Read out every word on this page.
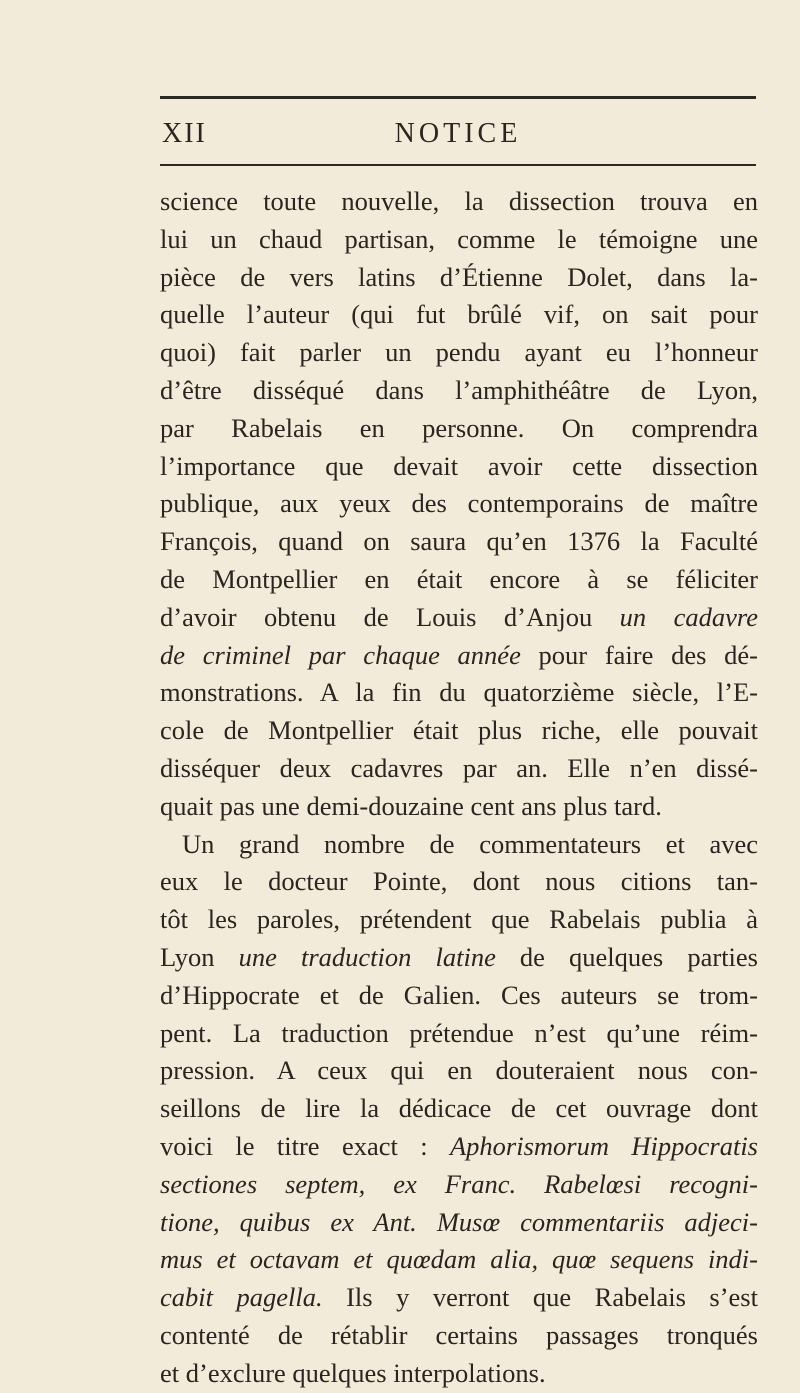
XII	NOTICE
science toute nouvelle, la dissection trouva en
lui un chaud partisan, comme le témoigne une
pièce de vers latins d’Étienne Dolet, dans la-
quelle l’auteur (qui fut brûlé vif, on sait pour
quoi) fait parler un pendu ayant eu l’honneur
d’être disséqué dans l’amphithéâtre de Lyon,
par Rabelais en personne. On comprendra
l’importance que devait avoir cette dissection
publique, aux yeux des contemporains de maître
François, quand on saura qu’en 1376 la Faculté
de Montpellier en était encore à se féliciter
d’avoir obtenu de Louis d’Anjou un cadavre
de criminel par chaque année pour faire des dé-
monstrations. A la fin du quatorzième siècle, l’E-
cole de Montpellier était plus riche, elle pouvait
disséquer deux cadavres par an. Elle n’en dissé-
quait pas une demi-douzaine cent ans plus tard.
Un grand nombre de commentateurs et avec
eux le docteur Pointe, dont nous citions tan-
tôt les paroles, prétendent que Rabelais publia à
Lyon une traduction latine de quelques parties
d’Hippocrate et de Galien. Ces auteurs se trom-
pent. La traduction prétendue n’est qu’une réim-
pression. A ceux qui en douteraient nous con-
seillons de lire la dédicace de cet ouvrage dont
voici le titre exact : Aphorismorum Hippocratis
sectiones septem, ex Franc. Rabelœsi recogni-
tione, quibus ex Ant. Musœ commentariis adjeci-
mus et octavam et quœdam alia, quœ sequens indi-
cabit pagella. Ils y verront que Rabelais s’est
contenté de rétablir certains passages tronqués
et d’exclure quelques interpolations.
